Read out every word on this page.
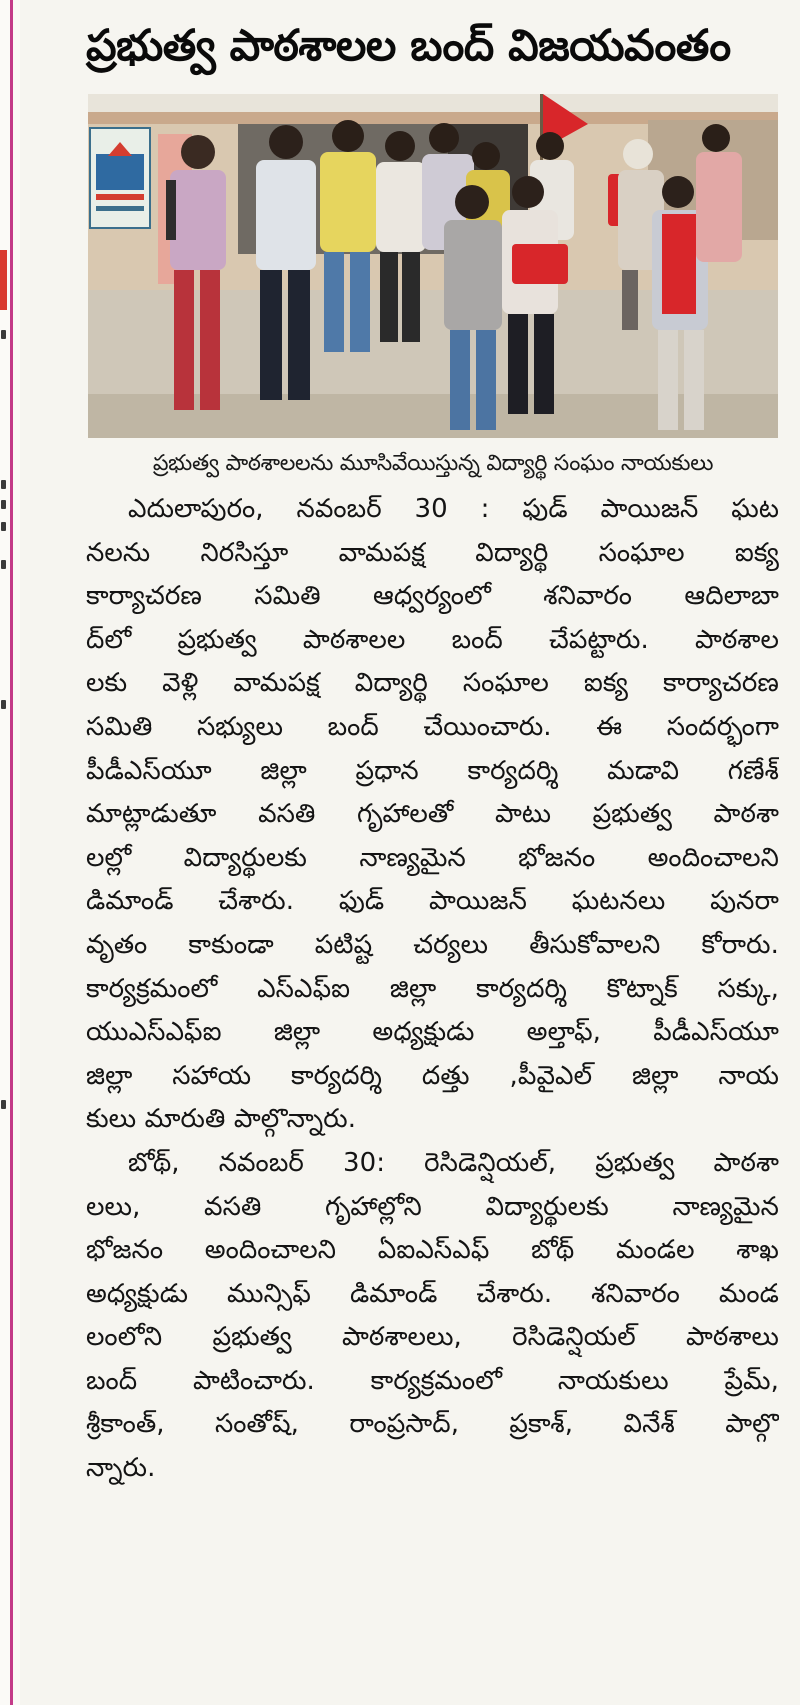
ప్రభుత్వ పాఠశాలల బంద్ విజయవంతం
ప్రభుత్వ పాఠశాలలను మూసివేయిస్తున్న విద్యార్థి సంఘం నాయకులు
ఎదులాపురం, నవంబర్ 30 : ఫుడ్ పాయిజన్ ఘట
నలను నిరసిస్తూ వామపక్ష విద్యార్థి సంఘాల ఐక్య
కార్యాచరణ సమితి ఆధ్వర్యంలో శనివారం ఆదిలాబా
ద్‌లో ప్రభుత్వ పాఠశాలల బంద్ చేపట్టారు. పాఠశాల
లకు వెళ్లి వామపక్ష విద్యార్థి సంఘాల ఐక్య కార్యాచరణ
సమితి సభ్యులు బంద్ చేయించారు. ఈ సందర్భంగా
పీడీఎస్‌యూ జిల్లా ప్రధాన కార్యదర్శి మడావి గణేశ్
మాట్లాడుతూ వసతి గృహాలతో పాటు ప్రభుత్వ పాఠశా
లల్లో విద్యార్థులకు నాణ్యమైన భోజనం అందించాలని
డిమాండ్ చేశారు. ఫుడ్ పాయిజన్ ఘటనలు పునరా
వృతం కాకుండా పటిష్ట చర్యలు తీసుకోవాలని కోరారు.
కార్యక్రమంలో ఎస్‌ఎఫ్ఐ జిల్లా కార్యదర్శి కొట్నాక్ సక్కు,
యుఎస్‌ఎఫ్ఐ జిల్లా అధ్యక్షుడు అల్తాఫ్, పీడీఎస్‌యూ
జిల్లా సహాయ కార్యదర్శి దత్తు ,పీవైఎల్ జిల్లా నాయ
కులు మారుతి పాల్గొన్నారు.
బోథ్, నవంబర్ 30: రెసిడెన్షియల్, ప్రభుత్వ పాఠశా
లలు, వసతి గృహాల్లోని విద్యార్థులకు నాణ్యమైన
భోజనం అందించాలని ఏఐఎస్ఎఫ్ బోథ్ మండల శాఖ
అధ్యక్షుడు మున్సిఫ్ డిమాండ్ చేశారు. శనివారం మండ
లంలోని ప్రభుత్వ పాఠశాలలు, రెసిడెన్షియల్ పాఠశాలు
బంద్ పాటించారు. కార్యక్రమంలో నాయకులు ప్రేమ్,
శ్రీకాంత్, సంతోష్, రాంప్రసాద్, ప్రకాశ్, వినేశ్ పాల్గొ
న్నారు.
